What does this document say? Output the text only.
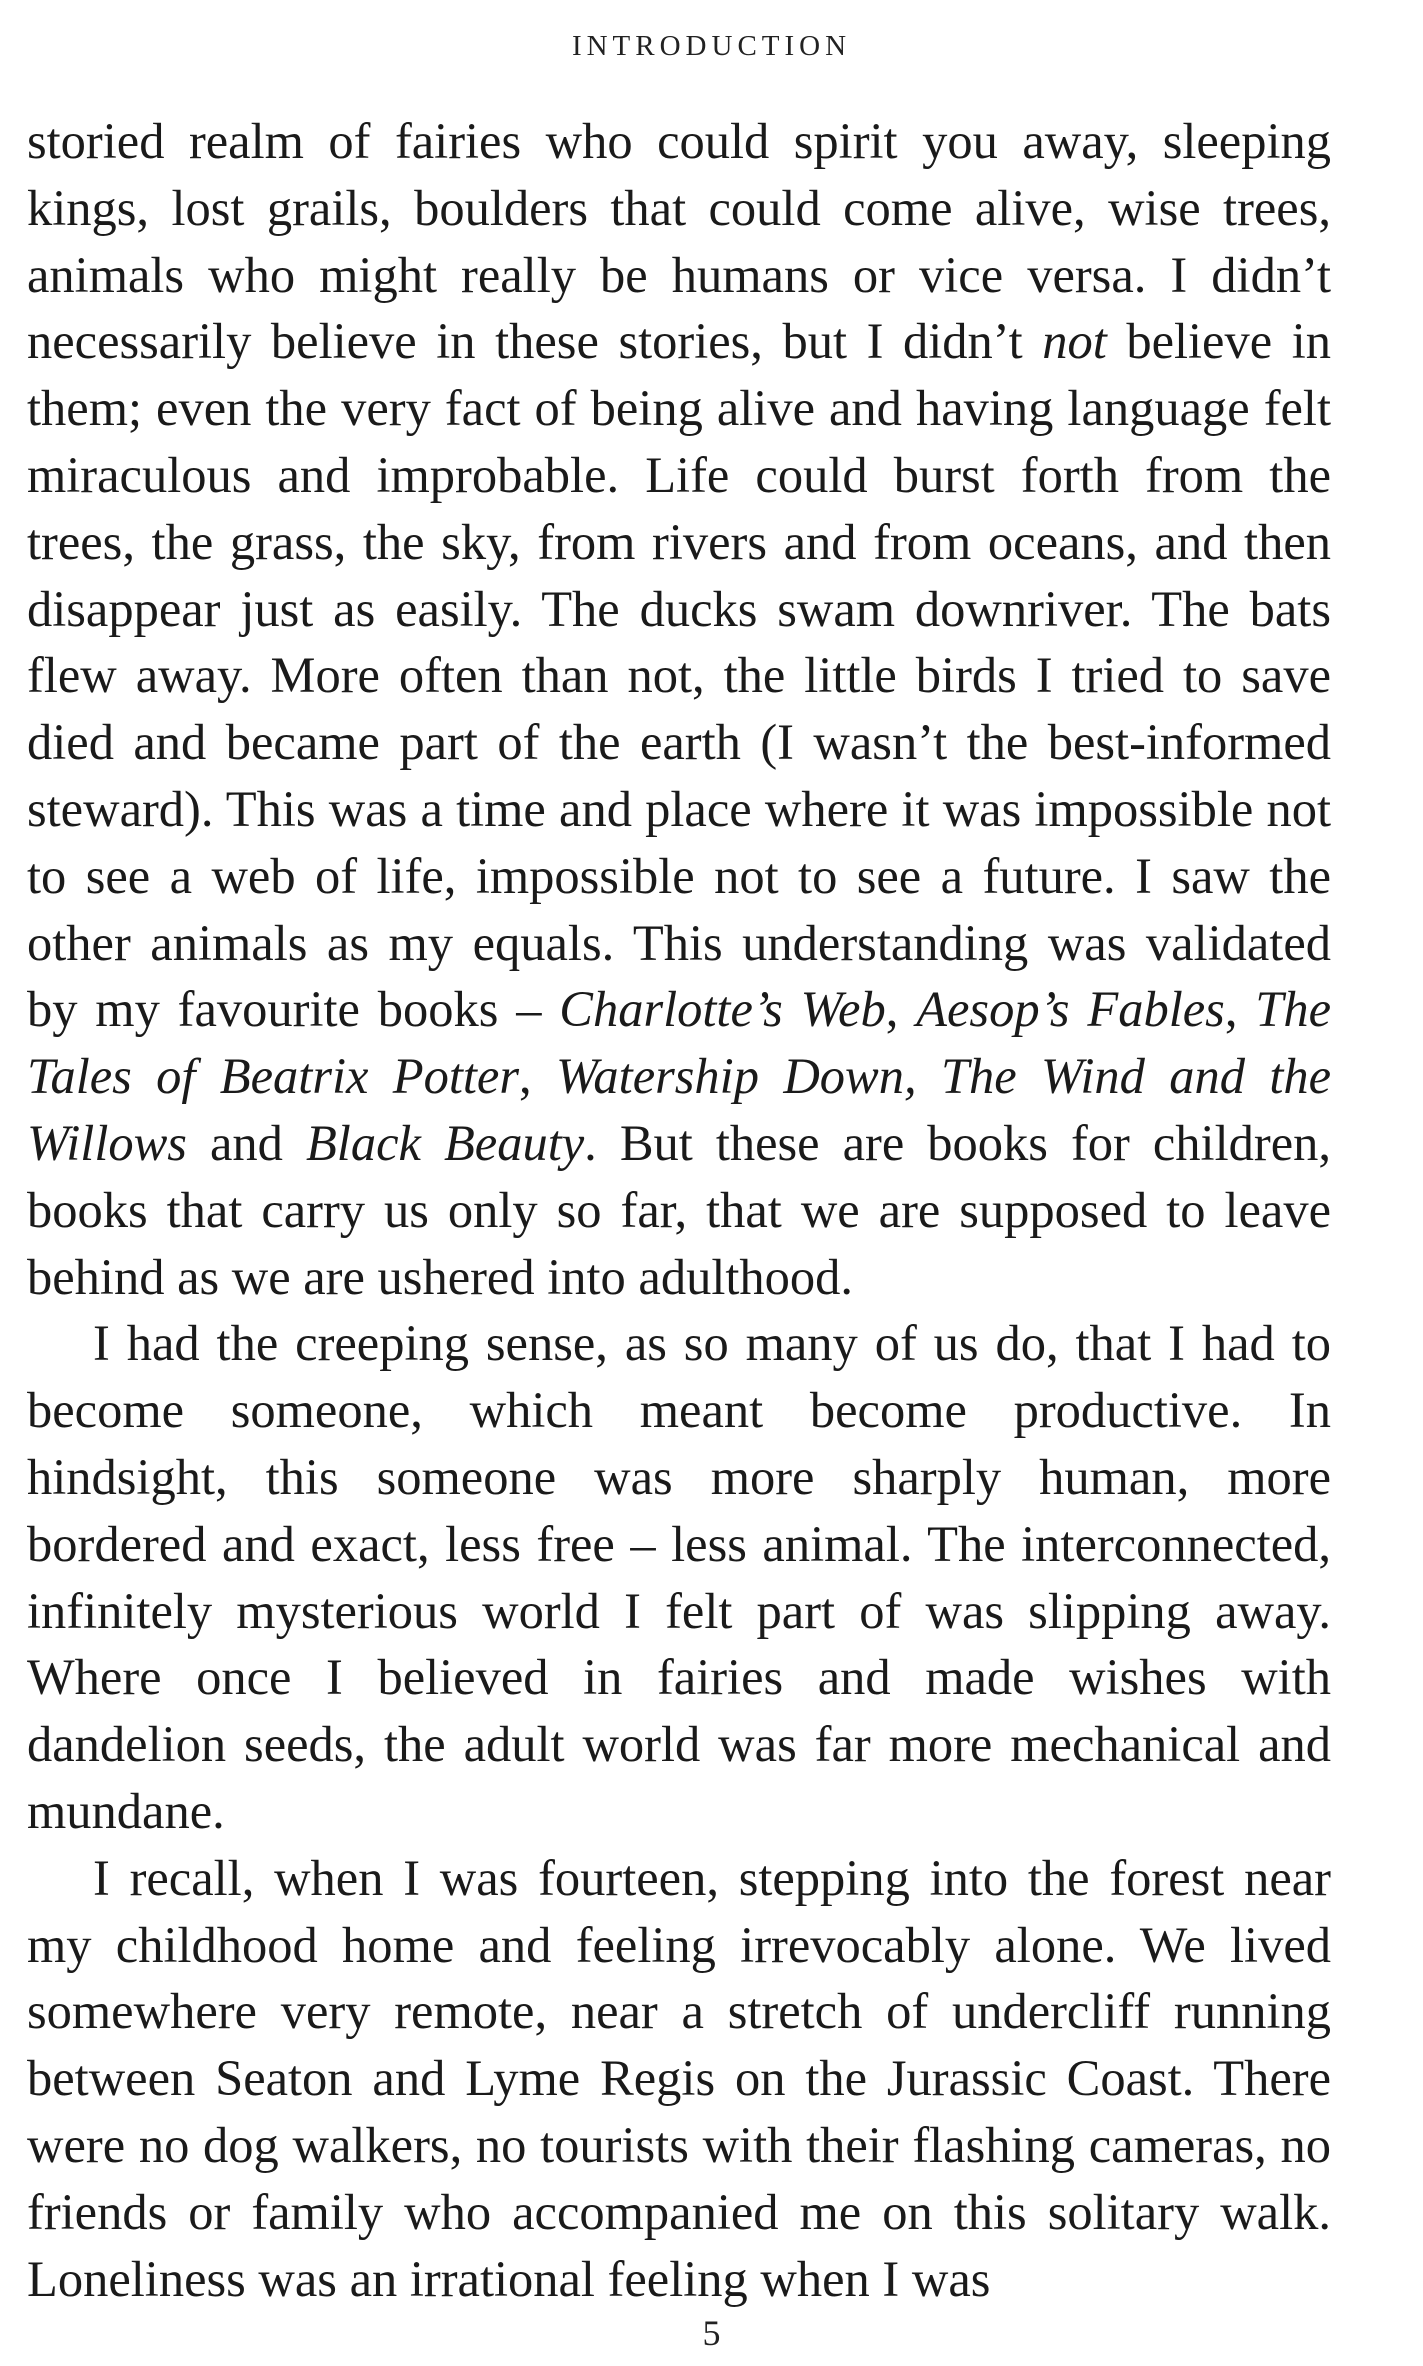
INTRODUCTION

storied realm of fairies who could spirit you away, sleeping kings, lost grails, boulders that could come alive, wise trees, animals who might really be humans or vice versa. I didn’t necessarily believe in these stories, but I didn’t not believe in them; even the very fact of being alive and having language felt miraculous and improbable. Life could burst forth from the trees, the grass, the sky, from rivers and from oceans, and then disappear just as easily. The ducks swam downriver. The bats flew away. More often than not, the little birds I tried to save died and became part of the earth (I wasn’t the best-informed steward). This was a time and place where it was impossible not to see a web of life, impossible not to see a future. I saw the other animals as my equals. This understanding was validated by my favourite books – Charlotte’s Web, Aesop’s Fables, The Tales of Beatrix Potter, Watership Down, The Wind and the Willows and Black Beauty. But these are books for children, books that carry us only so far, that we are supposed to leave behind as we are ushered into adulthood.

I had the creeping sense, as so many of us do, that I had to become someone, which meant become productive. In hindsight, this someone was more sharply human, more bordered and exact, less free – less animal. The interconnected, infinitely mysterious world I felt part of was slipping away. Where once I believed in fairies and made wishes with dandelion seeds, the adult world was far more mechanical and mundane.

I recall, when I was fourteen, stepping into the forest near my childhood home and feeling irrevocably alone. We lived somewhere very remote, near a stretch of undercliff running between Seaton and Lyme Regis on the Jurassic Coast. There were no dog walkers, no tourists with their flashing cameras, no friends or family who accompanied me on this solitary walk. Loneliness was an irrational feeling when I was

5
